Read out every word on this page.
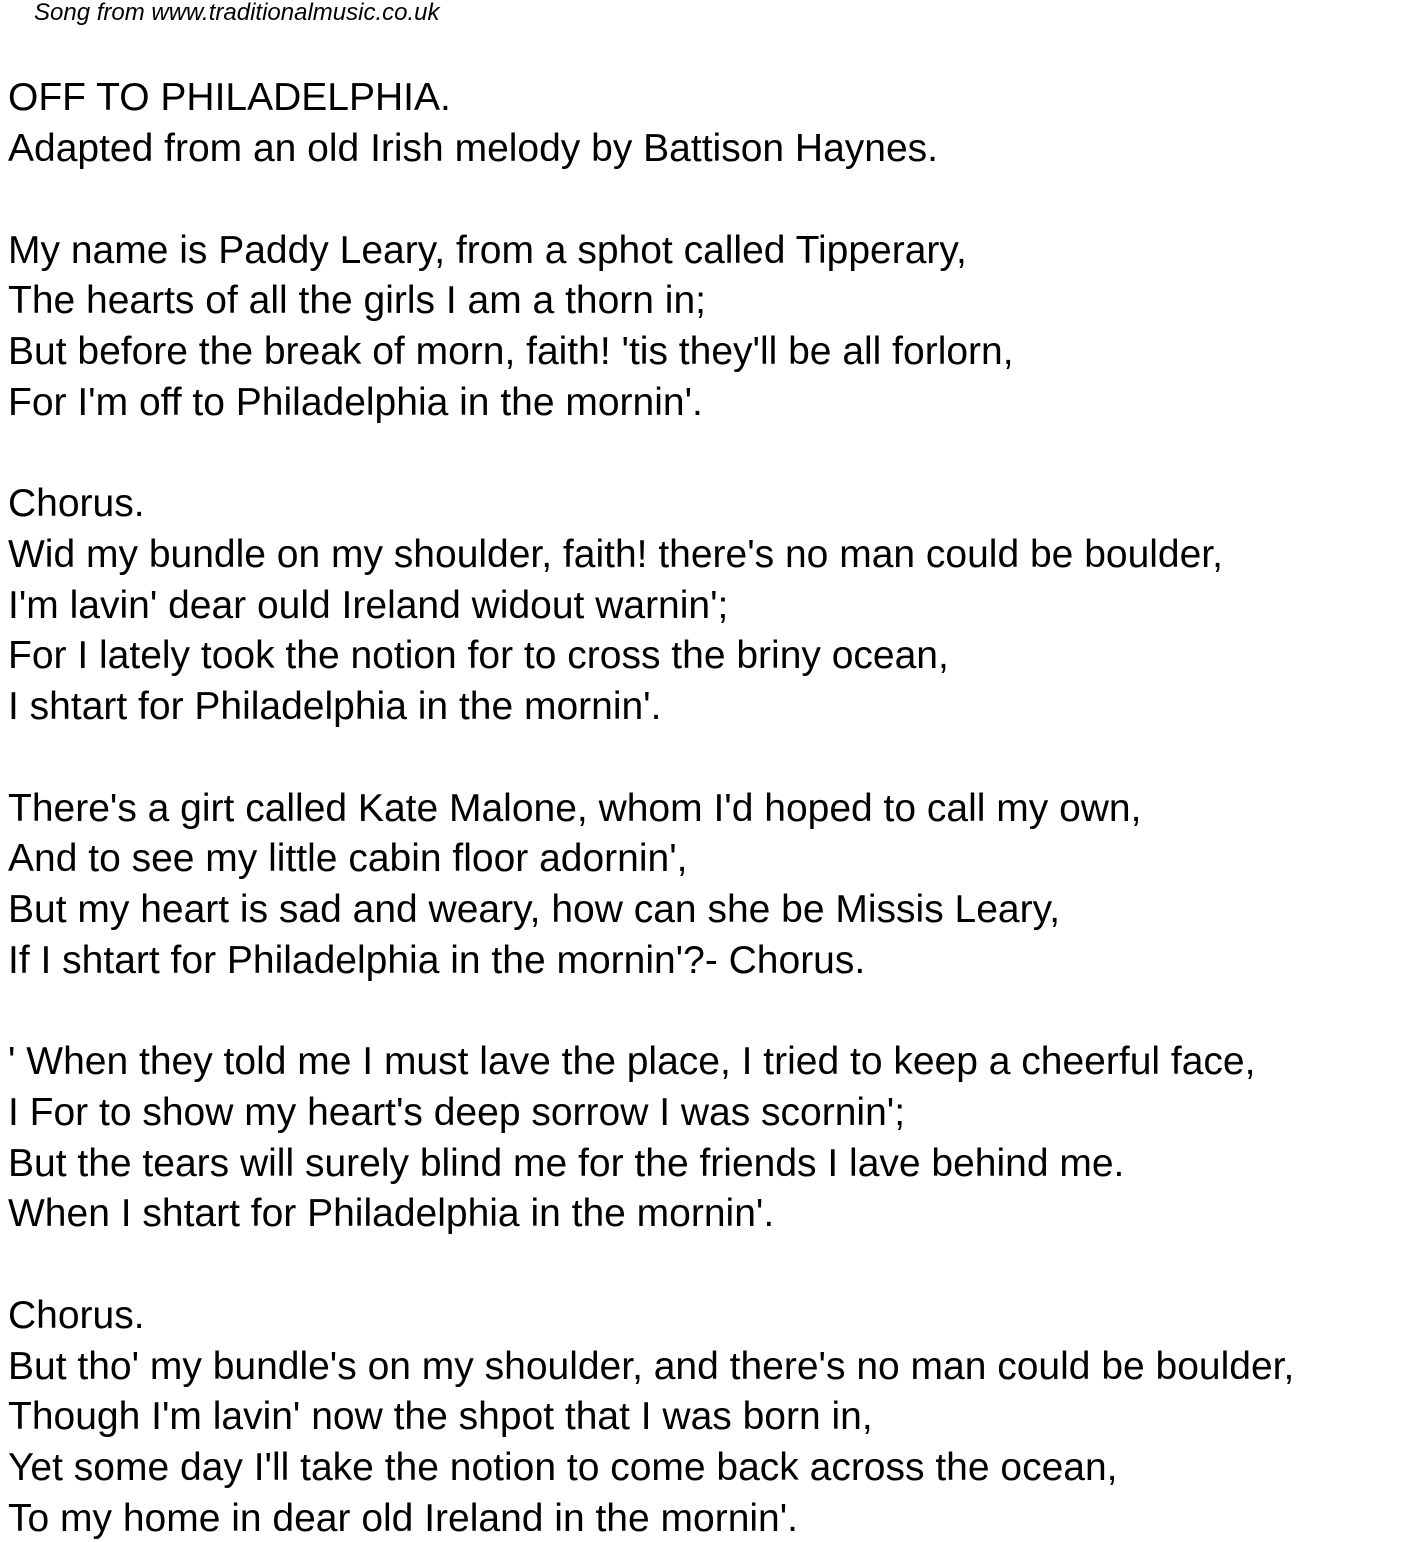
Song from www.traditionalmusic.co.uk
OFF TO PHILADELPHIA.
Adapted from an old Irish melody by Battison Haynes.
My name is Paddy Leary, from a sphot called Tipperary,
The hearts of all the girls I am a thorn in;
But before the break of morn, faith! 'tis they'll be all forlorn,
For I'm off to Philadelphia in the mornin'.
Chorus.
Wid my bundle on my shoulder, faith! there's no man could be boulder,
I'm lavin' dear ould Ireland widout warnin';
For I lately took the notion for to cross the briny ocean,
I shtart for Philadelphia in the mornin'.
There's a girt called Kate Malone, whom I'd hoped to call my own,
And to see my little cabin floor adornin',
But my heart is sad and weary, how can she be Missis Leary,
If I shtart for Philadelphia in the mornin'?- Chorus.
' When they told me I must lave the place, I tried to keep a cheerful face,
I For to show my heart's deep sorrow I was scornin';
But the tears will surely blind me for the friends I lave behind me.
When I shtart for Philadelphia in the mornin'.
Chorus.
But tho' my bundle's on my shoulder, and there's no man could be boulder,
Though I'm lavin' now the shpot that I was born in,
Yet some day I'll take the notion to come back across the ocean,
To my home in dear old Ireland in the mornin'.
